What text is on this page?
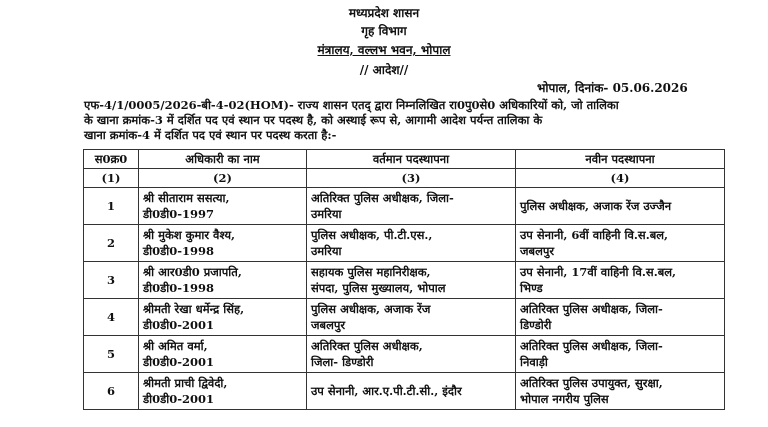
मध्यप्रदेश शासन
गृह विभाग
मंत्रालय, वल्लभ भवन, भोपाल
// आदेश//
भोपाल, दिनांक- 05.06.2026

एफ-4/1/0005/2026-बी-4-02(HOM)- राज्य शासन एतद् द्वारा निम्नलिखित रा0पु0से0 अधिकारियों को, जो तालिका

के खाना क्रमांक-3 में दर्शित पद एवं स्थान पर पदस्थ है, को अस्थाई रूप से, आगामी आदेश पर्यन्त तालिका के

खाना क्रमांक-4 में दर्शित पद एवं स्थान पर पदस्थ करता है:-

स0क्र0	अधिकारी का नाम	वर्तमान पदस्थापना	नवीन पदस्थापना
(1)	(2)	(3)	(4)
1	श्री सीताराम ससत्या,
डी0डी0-1997	अतिरिक्त पुलिस अधीक्षक, जिला-
उमरिया	पुलिस अधीक्षक, अजाक रेंज उज्जैन

2	श्री मुकेश कुमार वैश्य,
डी0डी0-1998	पुलिस अधीक्षक, पी.टी.एस.,
उमरिया	उप सेनानी, 6वीं वाहिनी वि.स.बल,
जबलपुर

3	श्री आर0डी0 प्रजापति,
डी0डी0-1998	सहायक पुलिस महानिरीक्षक,
संपदा, पुलिस मुख्यालय, भोपाल	उप सेनानी, 17वीं वाहिनी वि.स.बल,
भिण्ड

4	श्रीमती रेखा धर्मेन्द्र सिंह,
डी0डी0-2001	पुलिस अधीक्षक, अजाक रेंज
जबलपुर	अतिरिक्त पुलिस अधीक्षक, जिला-
डिण्डोरी

5	श्री अमित वर्मा,
डी0डी0-2001	अतिरिक्त पुलिस अधीक्षक,
जिला- डिण्डोरी	अतिरिक्त पुलिस अधीक्षक, जिला-
निवाड़ी

6	श्रीमती प्राची द्विवेदी,
डी0डी0-2001	उप सेनानी, आर.ए.पी.टी.सी., इंदौर	अतिरिक्त पुलिस उपायुक्त, सुरक्षा,
भोपाल नगरीय पुलिस
